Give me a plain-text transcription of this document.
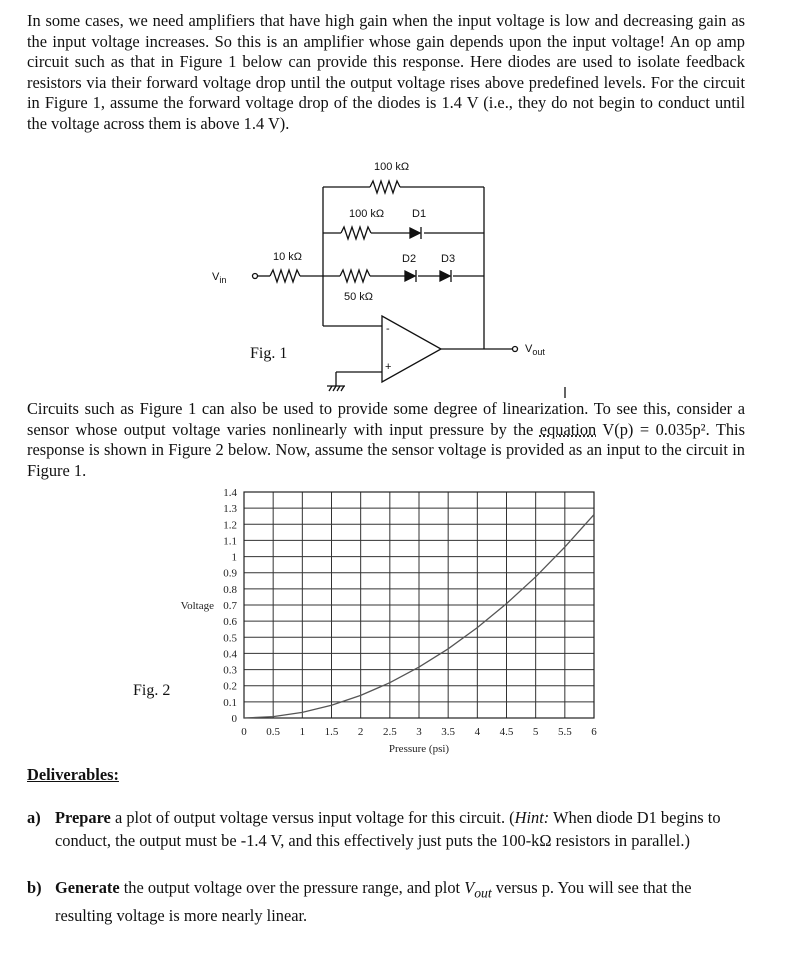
In some cases, we need amplifiers that have high gain when the input voltage is low and decreasing gain as the input voltage increases. So this is an amplifier whose gain depends upon the input voltage! An op amp circuit such as that in Figure 1 below can provide this response. Here diodes are used to isolate feedback resistors via their forward voltage drop until the output voltage rises above predefined levels. For the circuit in Figure 1, assume the forward voltage drop of the diodes is 1.4 V (i.e., they do not begin to conduct until the voltage across them is above 1.4 V).

100 kΩ
100 kΩ	D1
10 kΩ	D2 D3
50 kΩ
$V_{in}$
$V_{out}$
-
+
Fig. 1

Circuits such as Figure 1 can also be used to provide some degree of linearization. To see this, consider a sensor whose output voltage varies nonlinearly with input pressure by the equation V(p) = 0.035p². This response is shown in Figure 2 below. Now, assume the sensor voltage is provided as an input to the circuit in Figure 1.

0 0.5 1 1.5 2 2.5 3 3.5 4 4.5 5 5.5 6
0
0.1
0.2
0.3
0.4
0.5
0.6
0.7
0.8
0.9
1
1.1
1.2
1.3
1.4
Pressure (psi)
Voltage
Fig. 2
Deliverables:
a) Prepare a plot of output voltage versus input voltage for this circuit. (Hint: When diode D1 begins to conduct, the output must be -1.4 V, and this effectively just puts the 100-kΩ resistors in parallel.)
b) Generate the output voltage over the pressure range, and plot $V_{out}$ versus p. You will see that the resulting voltage is more nearly linear.
